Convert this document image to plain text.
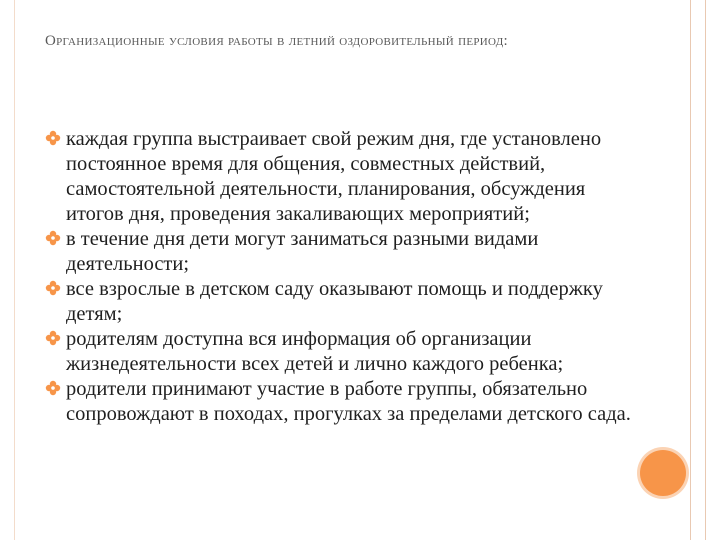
Организационные условия работы в летний оздоровительный период:
каждая группа выстраивает свой режим дня, где установлено постоянное время для общения, совместных действий, самостоятельной деятельности, планирования, обсуждения итогов дня, проведения закаливающих мероприятий;
в течение дня дети могут заниматься разными видами деятельности;
все взрослые в детском саду оказывают помощь и поддержку детям;
родителям доступна вся информация об организации жизнедеятельности всех детей и лично каждого ребенка;
родители принимают участие в работе группы, обязательно сопровождают в походах, прогулках за пределами детского сада.
